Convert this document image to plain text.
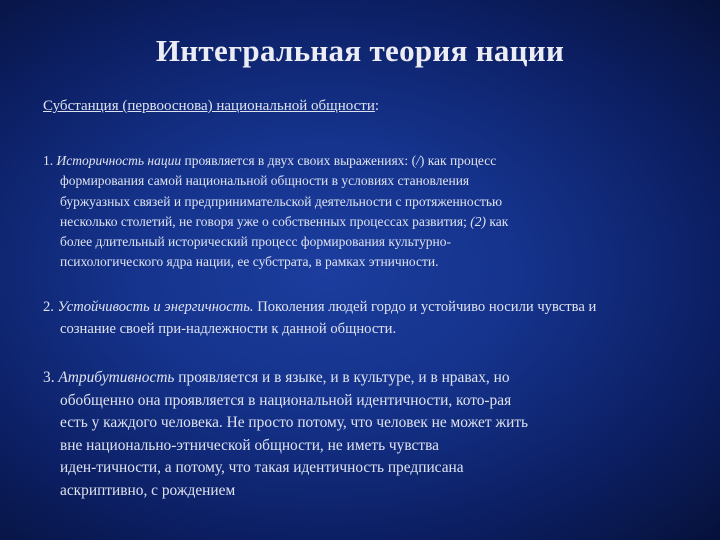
Интегральная теория нации

Субстанция (первооснова) национальной общности:

1. Историчность нации проявляется в двух своих выражениях: (/) как процесс
формирования самой национальной общности в условиях становления
буржуазных связей и предпринимательской деятельности с протяженностью
несколько столетий, не говоря уже о собственных процессах развития; (2) как
более длительный исторический процесс формирования культурно-
психологического ядра нации, ее субстрата, в рамках этничности.
2. Устойчивость и энергичность. Поколения людей гордо и устойчиво носили чувства и
сознание своей при-надлежности к данной общности.
3. Атрибутивность проявляется и в языке, и в культуре, и в нравах, но
обобщенно она проявляется в национальной идентичности, кото-рая
есть у каждого человека. Не просто потому, что человек не может жить
вне национально-этнической общности, не иметь чувства
иден-тичности, а потому, что такая идентичность предписана
аскриптивно, с рождением
